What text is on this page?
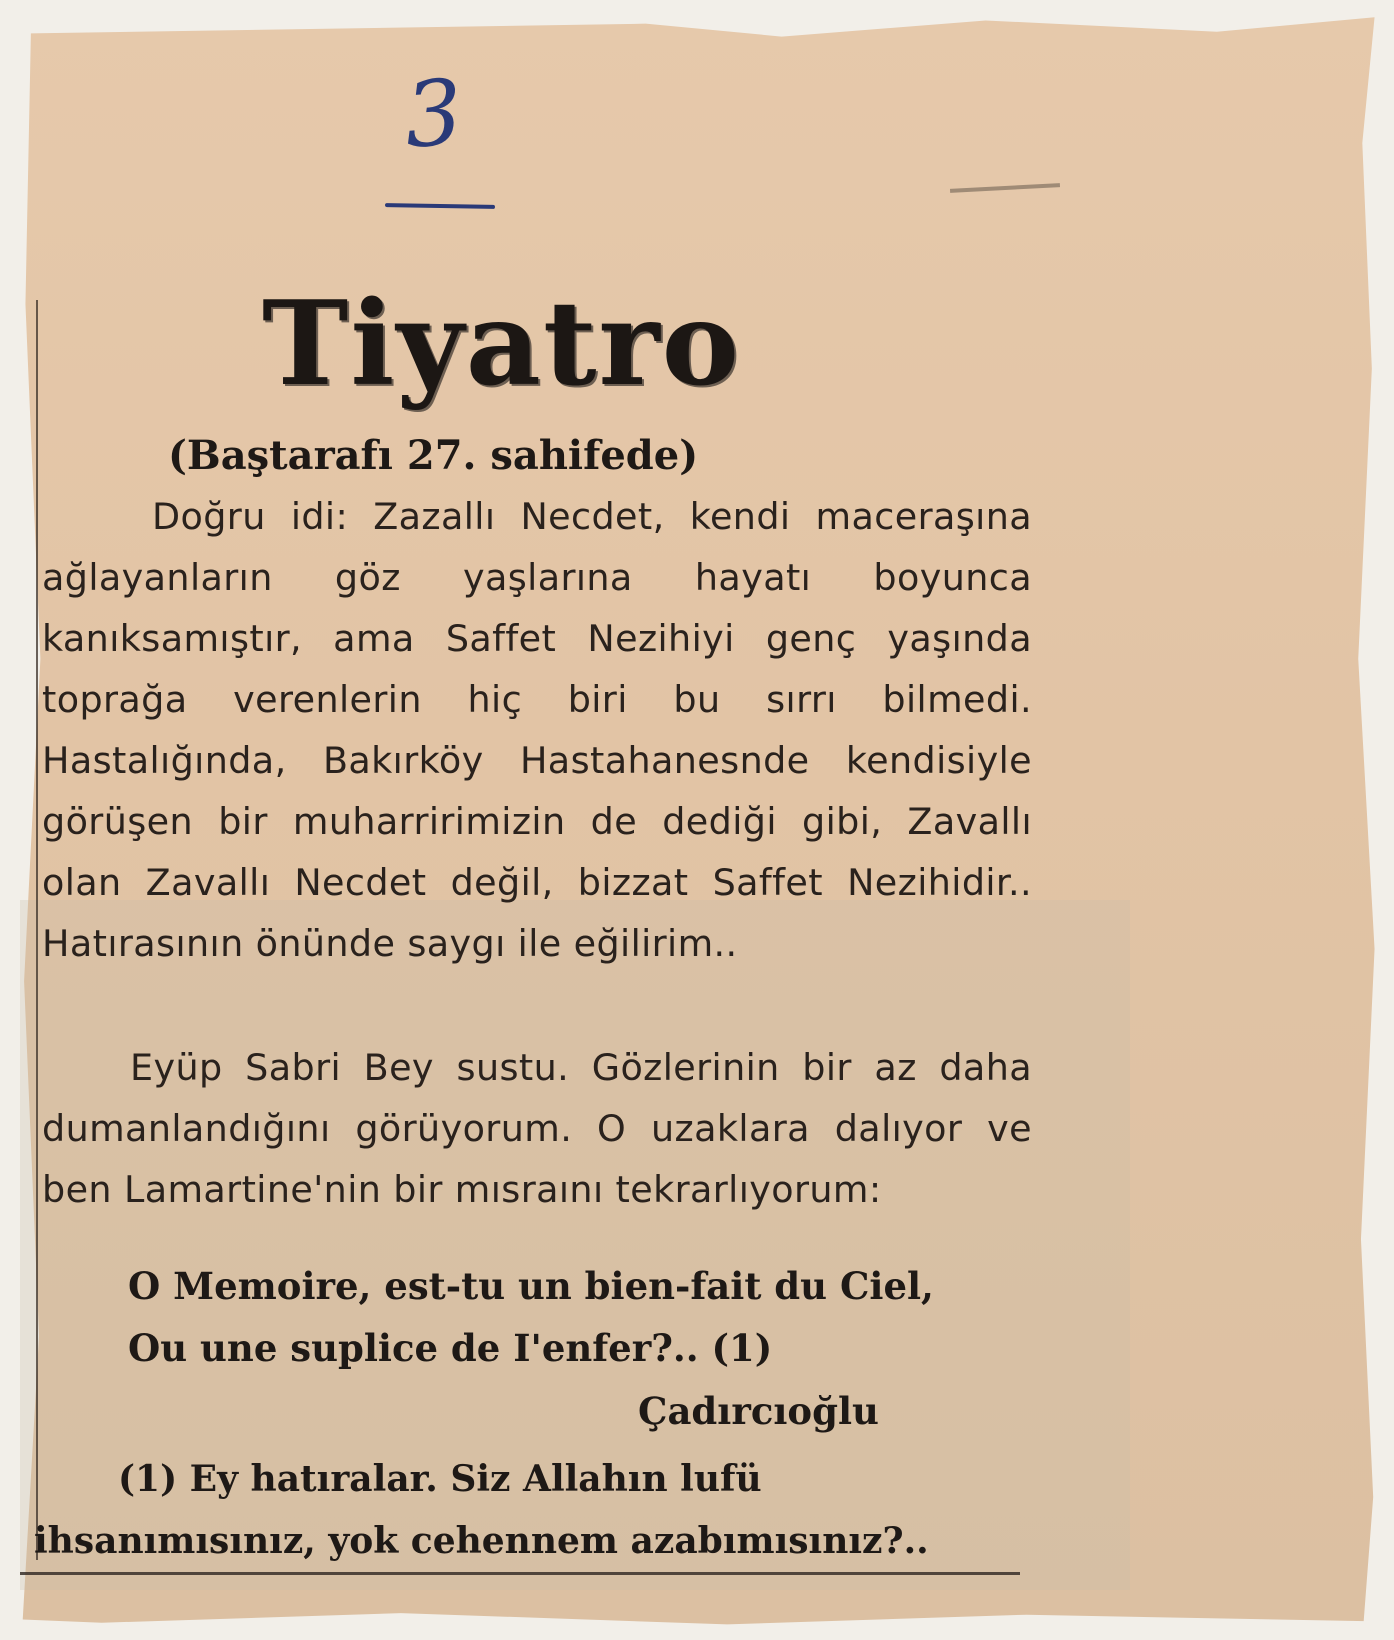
3
Tiyatro
(Baştarafı 27. sahifede)

Doğru idi: Zazallı Necdet, kendi maceraşına ağlayanların göz yaşlarına hayatı boyunca kanıksamıştır, ama Saffet Nezihiyi genç yaşında toprağa verenlerin hiç biri bu sırrı bilmedi. Hastalığında, Bakırköy Hastahanesnde kendisiyle görüşen bir muharririmizin de dediği gibi, Zavallı olan Zavallı Necdet değil, bizzat Saffet Nezihidir.. Hatırasının önünde saygı ile eğilirim..

Eyüp Sabri Bey sustu. Gözlerinin bir az daha dumanlandığını görüyorum. O uzaklara dalıyor ve ben Lamartine'nin bir mısraını tekrarlıyorum:

O Memoire, est-tu un bien-fait du Ciel,
Ou une suplice de I'enfer?.. (1)
Çadırcıoğlu

(1) Ey hatıralar. Siz Allahın lufü ihsanımısınız, yok cehennem azabımısınız?..
